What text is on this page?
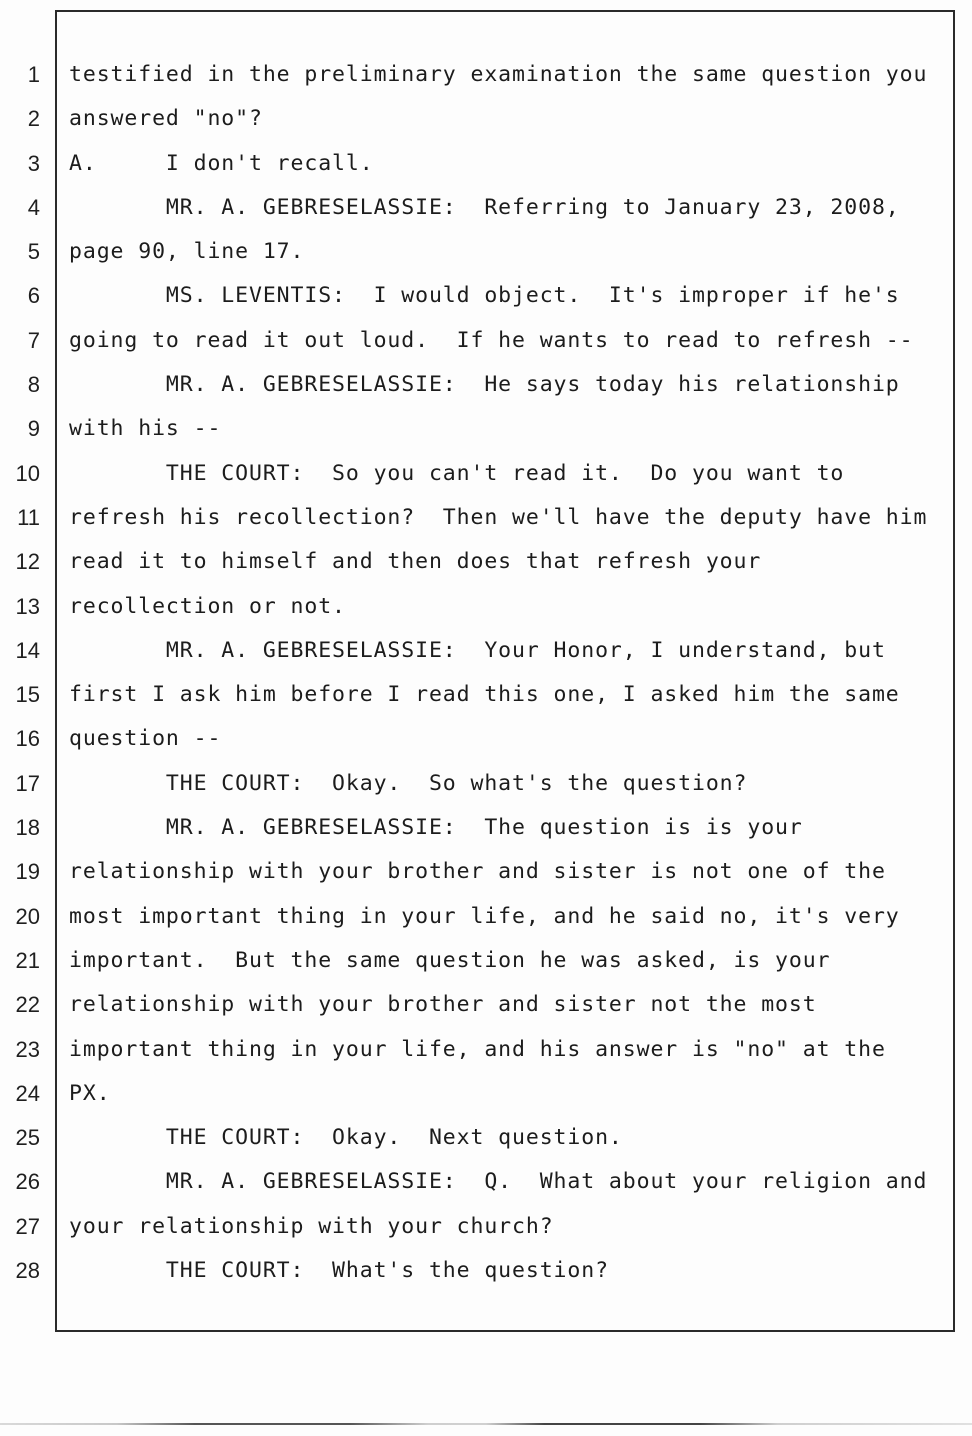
1
2
3
4
5
6
7
8
9
10
11
12
13
14
15
16
17
18
19
20
21
22
23
24
25
26
27
28
testified in the preliminary examination the same question you
answered "no"?
A.     I don't recall.
MR. A. GEBRESELASSIE:  Referring to January 23, 2008,
page 90, line 17.
MS. LEVENTIS:  I would object.  It's improper if he's
going to read it out loud.  If he wants to read to refresh --
MR. A. GEBRESELASSIE:  He says today his relationship
with his --
THE COURT:  So you can't read it.  Do you want to
refresh his recollection?  Then we'll have the deputy have him
read it to himself and then does that refresh your
recollection or not.
MR. A. GEBRESELASSIE:  Your Honor, I understand, but
first I ask him before I read this one, I asked him the same
question --
THE COURT:  Okay.  So what's the question?
MR. A. GEBRESELASSIE:  The question is is your
relationship with your brother and sister is not one of the
most important thing in your life, and he said no, it's very
important.  But the same question he was asked, is your
relationship with your brother and sister not the most
important thing in your life, and his answer is "no" at the
PX.
THE COURT:  Okay.  Next question.
MR. A. GEBRESELASSIE:  Q.  What about your religion and
your relationship with your church?
THE COURT:  What's the question?
